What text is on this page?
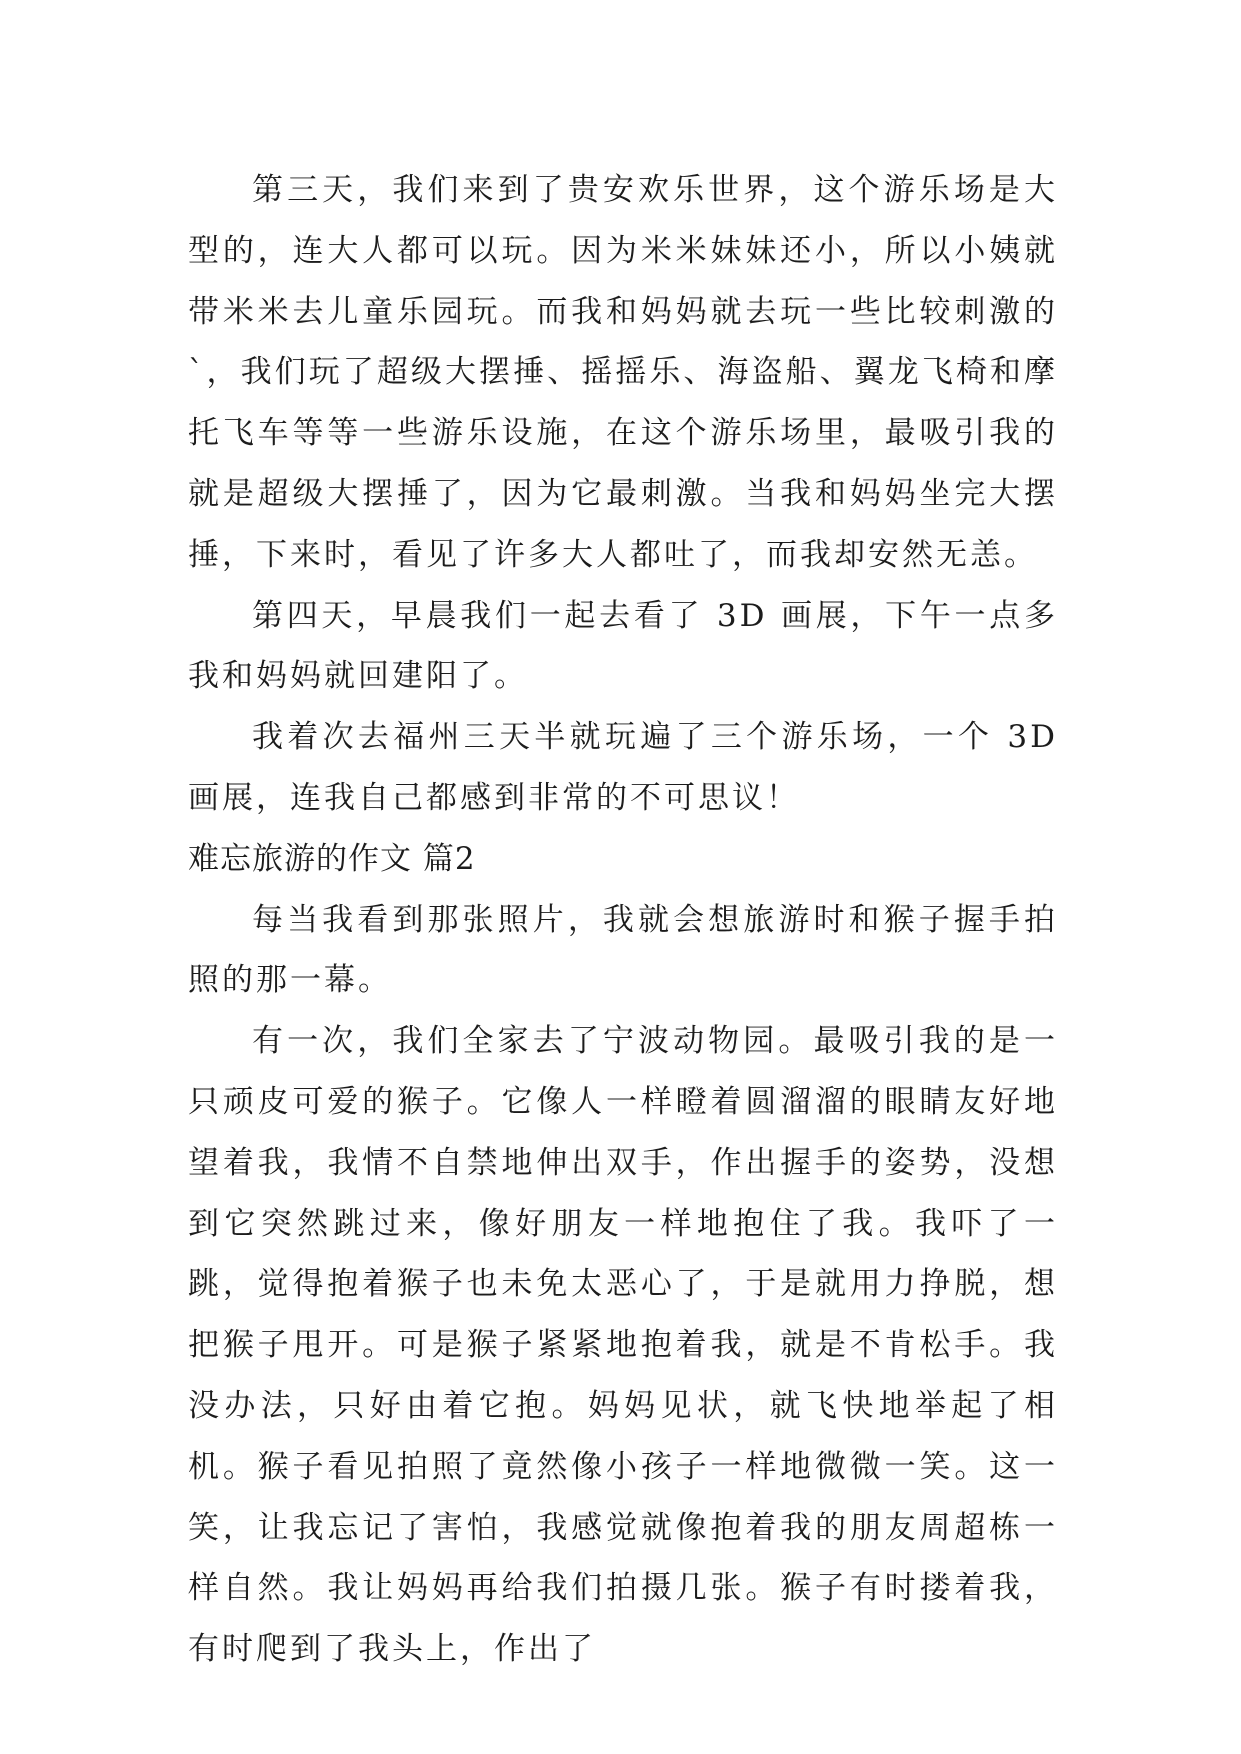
第三天，我们来到了贵安欢乐世界，这个游乐场是大型的，连大人都可以玩。因为米米妹妹还小，所以小姨就带米米去儿童乐园玩。而我和妈妈就去玩一些比较刺激的`，我们玩了超级大摆捶、摇摇乐、海盗船、翼龙飞椅和摩托飞车等等一些游乐设施，在这个游乐场里，最吸引我的就是超级大摆捶了，因为它最刺激。当我和妈妈坐完大摆捶，下来时，看见了许多大人都吐了，而我却安然无恙。

第四天，早晨我们一起去看了 3D 画展，下午一点多我和妈妈就回建阳了。

我着次去福州三天半就玩遍了三个游乐场，一个 3D 画展，连我自己都感到非常的不可思议！

难忘旅游的作文 篇2

每当我看到那张照片，我就会想旅游时和猴子握手拍照的那一幕。

有一次，我们全家去了宁波动物园。最吸引我的是一只顽皮可爱的猴子。它像人一样瞪着圆溜溜的眼睛友好地望着我，我情不自禁地伸出双手，作出握手的姿势，没想到它突然跳过来，像好朋友一样地抱住了我。我吓了一跳，觉得抱着猴子也未免太恶心了，于是就用力挣脱，想把猴子甩开。可是猴子紧紧地抱着我，就是不肯松手。我没办法，只好由着它抱。妈妈见状，就飞快地举起了相机。猴子看见拍照了竟然像小孩子一样地微微一笑。这一笑，让我忘记了害怕，我感觉就像抱着我的朋友周超栋一样自然。我让妈妈再给我们拍摄几张。猴子有时搂着我，有时爬到了我头上，作出了
